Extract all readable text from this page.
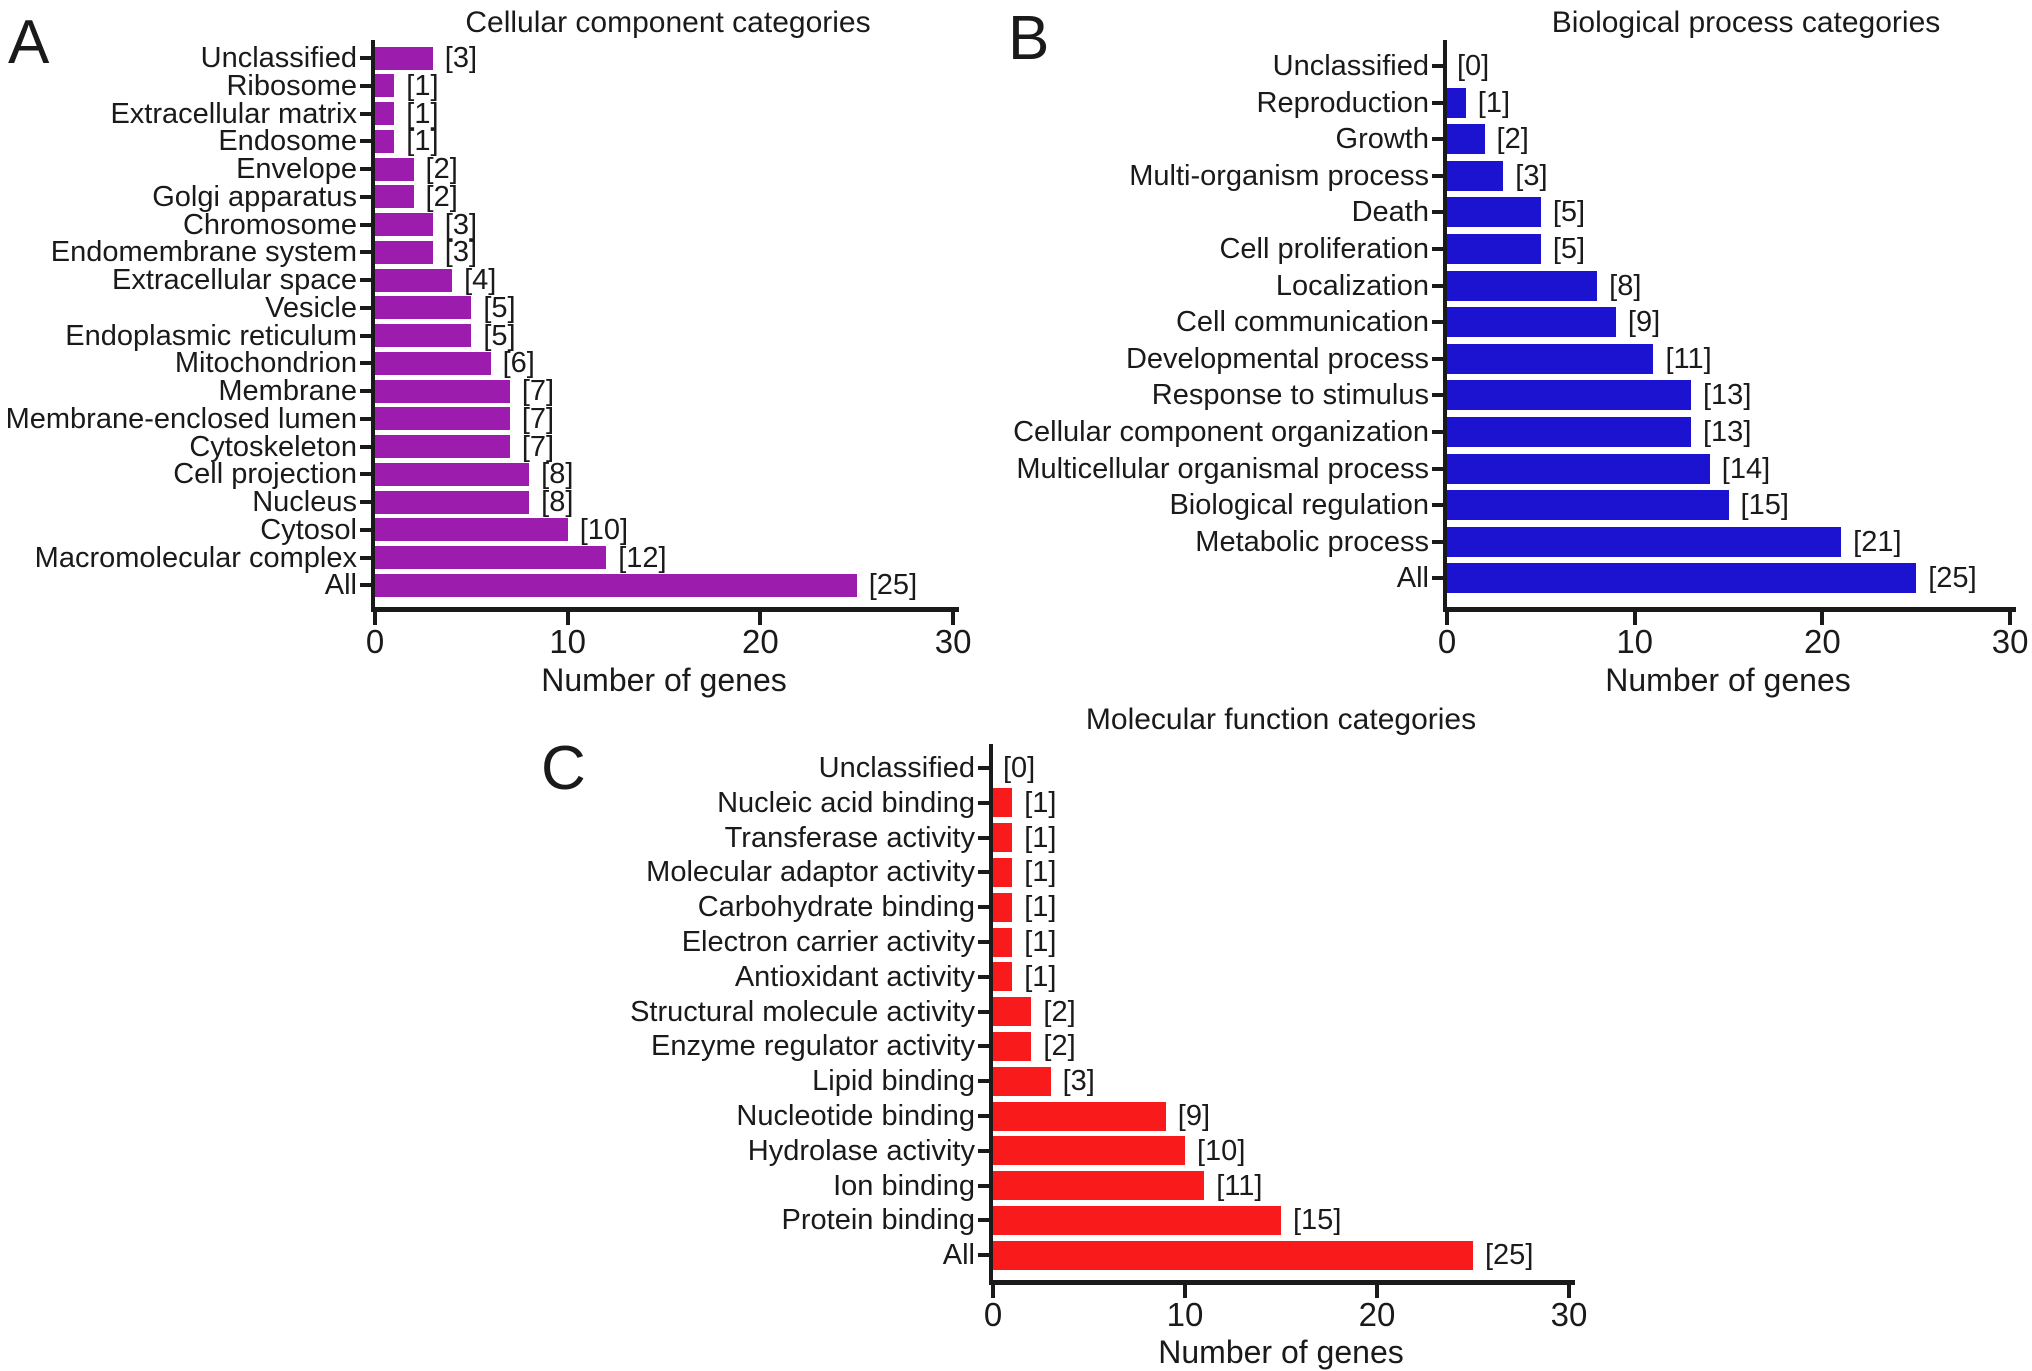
A	Cellular component categories
Number of genes
B	Biological process categories
Number of genes
C
Molecular function categories
Number of genes
0	10	20	30
Unclassified	[3]
Ribosome [1]
Extracellular matrix [1]
Endosome [1]
Envelope [2]
Golgi apparatus [2]
Chromosome	[3]
Endomembrane system	[3]
Extracellular space	[4]
Vesicle	[5]
Endoplasmic reticulum	[5]
Mitochondrion	[6]
Membrane	[7]
Membrane-enclosed lumen	[7]
Cytoskeleton	[7]
Cell projection	[8]
Nucleus	[8]
Cytosol	[10]
Macromolecular complex	[12]
All	[25]
0	10	20	30
Unclassified [0]
Reproduction [1]
Growth [2]
Multi-organism process	[3]
Death	[5]
Cell proliferation	[5]
Localization	[8]
Cell communication	[9]
Developmental process	[11]
Response to stimulus	[13]
Cellular component organization	[13]
Multicellular organismal process	[14]
Biological regulation	[15]
Metabolic process	[21]
All	[25]
0	10	20	30
Unclassified [0]
Nucleic acid binding [1]
Transferase activity [1]
Molecular adaptor activity [1]
Carbohydrate binding [1]
Electron carrier activity [1]
Antioxidant activity [1]
Structural molecule activity [2]
Enzyme regulator activity [2]
Lipid binding	[3]
Nucleotide binding	[9]
Hydrolase activity	[10]
Ion binding	[11]
Protein binding	[15]
All	[25]
